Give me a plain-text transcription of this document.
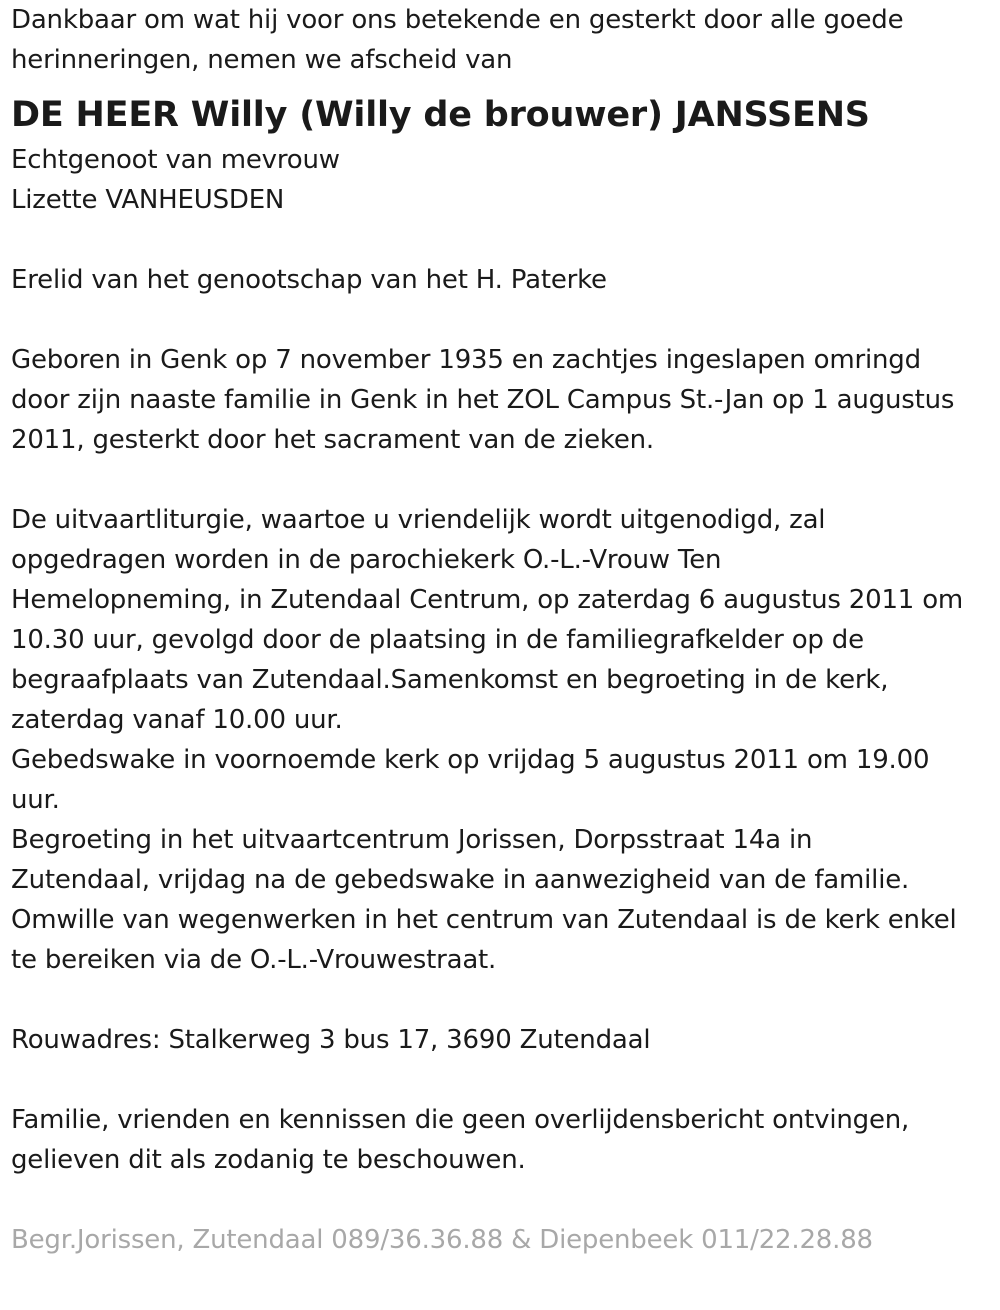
Dankbaar om wat hij voor ons betekende en gesterkt door alle goede
herinneringen, nemen we afscheid van
DE HEER Willy (Willy de brouwer) JANSSENS
Echtgenoot van mevrouw
Lizette VANHEUSDEN
Erelid van het genootschap van het H. Paterke
Geboren in Genk op 7 november 1935 en zachtjes ingeslapen omringd
door zijn naaste familie in Genk in het ZOL Campus St.-Jan op 1 augustus
2011, gesterkt door het sacrament van de zieken.
De uitvaartliturgie, waartoe u vriendelijk wordt uitgenodigd, zal
opgedragen worden in de parochiekerk O.-L.-Vrouw Ten
Hemelopneming, in Zutendaal Centrum, op zaterdag 6 augustus 2011 om
10.30 uur, gevolgd door de plaatsing in de familiegrafkelder op de
begraafplaats van Zutendaal.Samenkomst en begroeting in de kerk,
zaterdag vanaf 10.00 uur.
Gebedswake in voornoemde kerk op vrijdag 5 augustus 2011 om 19.00
uur.
Begroeting in het uitvaartcentrum Jorissen, Dorpsstraat 14a in
Zutendaal, vrijdag na de gebedswake in aanwezigheid van de familie.
Omwille van wegenwerken in het centrum van Zutendaal is de kerk enkel
te bereiken via de O.-L.-Vrouwestraat.
Rouwadres: Stalkerweg 3 bus 17, 3690 Zutendaal
Familie, vrienden en kennissen die geen overlijdensbericht ontvingen,
gelieven dit als zodanig te beschouwen.
Begr.Jorissen, Zutendaal 089/36.36.88 & Diepenbeek 011/22.28.88
